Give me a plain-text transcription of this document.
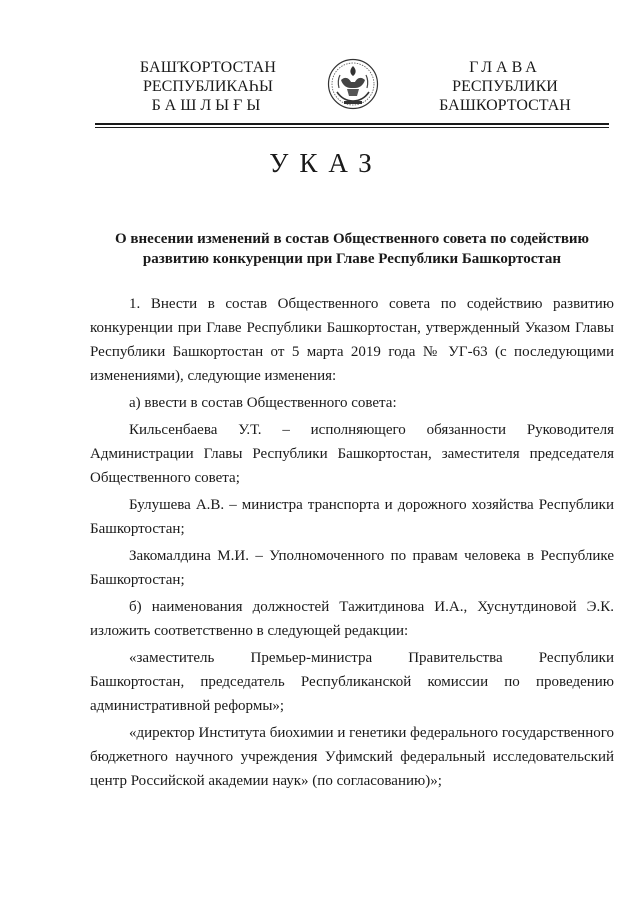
БАШҠОРТОСТАН
РЕСПУБЛИКАҺЫ
БАШЛЫҒЫ
ГЛАВА
РЕСПУБЛИКИ
БАШКОРТОСТАН
УКАЗ
О внесении изменений в состав Общественного совета по содействию развитию конкуренции при Главе Республики Башкортостан
1. Внести в состав Общественного совета по содействию развитию конкуренции при Главе Республики Башкортостан, утвержденный Указом Главы Республики Башкортостан от 5 марта 2019 года № УГ-63 (с последующими изменениями), следующие изменения:
а) ввести в состав Общественного совета:
Кильсенбаева У.Т. – исполняющего обязанности Руководителя Администрации Главы Республики Башкортостан, заместителя председателя Общественного совета;
Булушева А.В. – министра транспорта и дорожного хозяйства Республики Башкортостан;
Закомалдина М.И. – Уполномоченного по правам человека в Республике Башкортостан;
б) наименования должностей Тажитдинова И.А., Хуснутдиновой Э.К. изложить соответственно в следующей редакции:
«заместитель Премьер-министра Правительства Республики Башкортостан, председатель Республиканской комиссии по проведению административной реформы»;
«директор Института биохимии и генетики федерального государственного бюджетного научного учреждения Уфимский федеральный исследовательский центр Российской академии наук» (по согласованию)»;
